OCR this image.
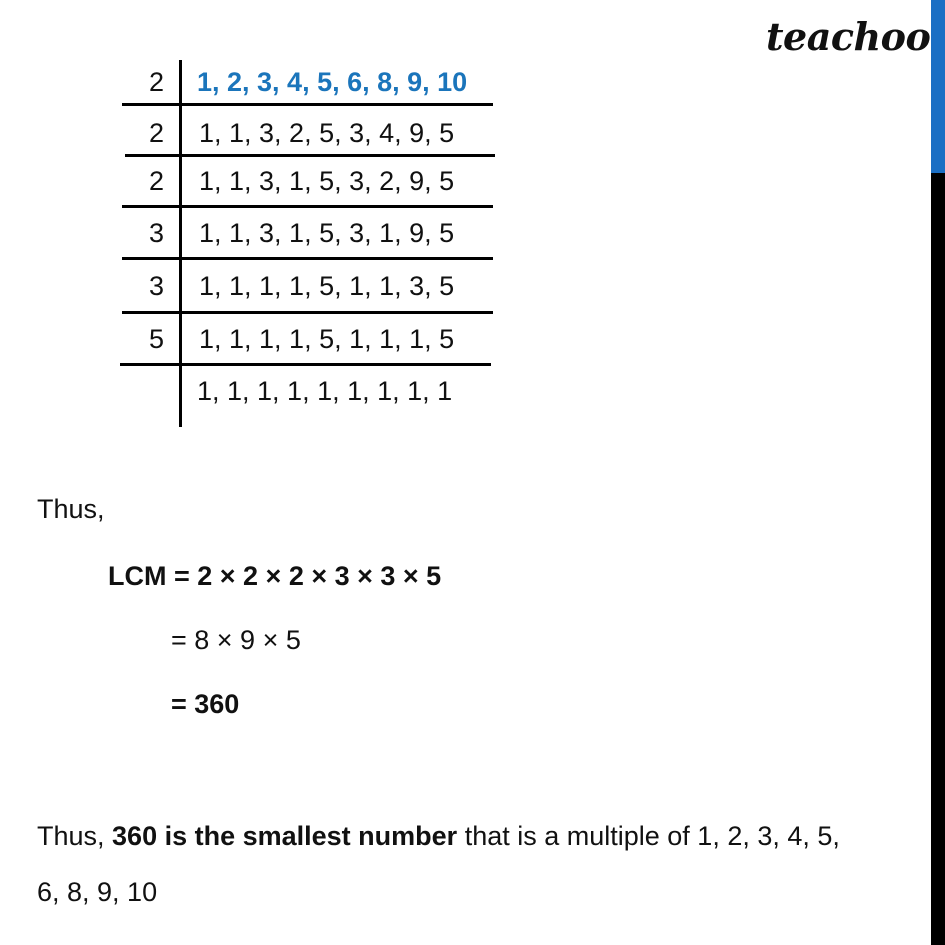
teachoo
2 1, 2, 3, 4, 5, 6, 8, 9, 10
2 1, 1, 3, 2, 5, 3, 4, 9, 5
2 1, 1, 3, 1, 5, 3, 2, 9, 5
3 1, 1, 3, 1, 5, 3, 1, 9, 5
3 1, 1, 1, 1, 5, 1, 1, 3, 5
5 1, 1, 1, 1, 5, 1, 1, 1, 5
1, 1, 1, 1, 1, 1, 1, 1, 1
Thus,
LCM = 2 × 2 × 2 × 3 × 3 × 5
= 8 × 9 × 5
= 360
Thus, 360 is the smallest number that is a multiple of 1, 2, 3, 4, 5,
6, 8, 9, 10
